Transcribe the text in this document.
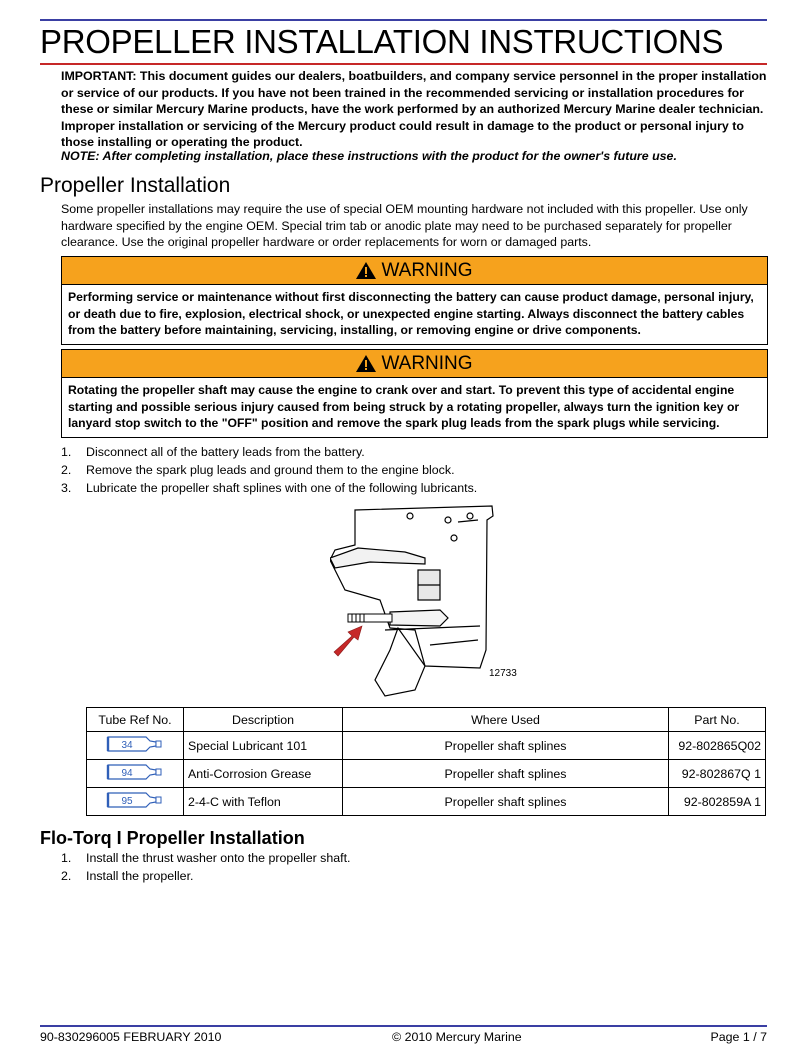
PROPELLER INSTALLATION INSTRUCTIONS
IMPORTANT: This document guides our dealers, boatbuilders, and company service personnel in the proper installation or service of our products. If you have not been trained in the recommended servicing or installation procedures for these or similar Mercury Marine products, have the work performed by an authorized Mercury Marine dealer technician. Improper installation or servicing of the Mercury product could result in damage to the product or personal injury to those installing or operating the product.
NOTE: After completing installation, place these instructions with the product for the owner's future use.
Propeller Installation
Some propeller installations may require the use of special OEM mounting hardware not included with this propeller. Use only hardware specified by the engine OEM. Special trim tab or anodic plate may need to be purchased separately for propeller clearance. Use the original propeller hardware or order replacements for worn or damaged parts.
WARNING
Performing service or maintenance without first disconnecting the battery can cause product damage, personal injury, or death due to fire, explosion, electrical shock, or unexpected engine starting. Always disconnect the battery cables from the battery before maintaining, servicing, installing, or removing engine or drive components.
WARNING
Rotating the propeller shaft may cause the engine to crank over and start. To prevent this type of accidental engine starting and possible serious injury caused from being struck by a rotating propeller, always turn the ignition key or lanyard stop switch to the "OFF" position and remove the spark plug leads from the spark plugs while servicing.
1. Disconnect all of the battery leads from the battery.
2. Remove the spark plug leads and ground them to the engine block.
3. Lubricate the propeller shaft splines with one of the following lubricants.
12733
Tube Ref No.	Description	Where Used	Part No.

34	Special Lubricant 101	Propeller shaft splines	92-802865Q02

94	Anti-Corrosion Grease	Propeller shaft splines	92-802867Q 1

95	2-4-C with Teflon	Propeller shaft splines	92-802859A 1
Flo-Torq I Propeller Installation
1. Install the thrust washer onto the propeller shaft.
2. Install the propeller.
90-830296005 FEBRUARY 2010	© 2010 Mercury Marine	Page 1 / 7
